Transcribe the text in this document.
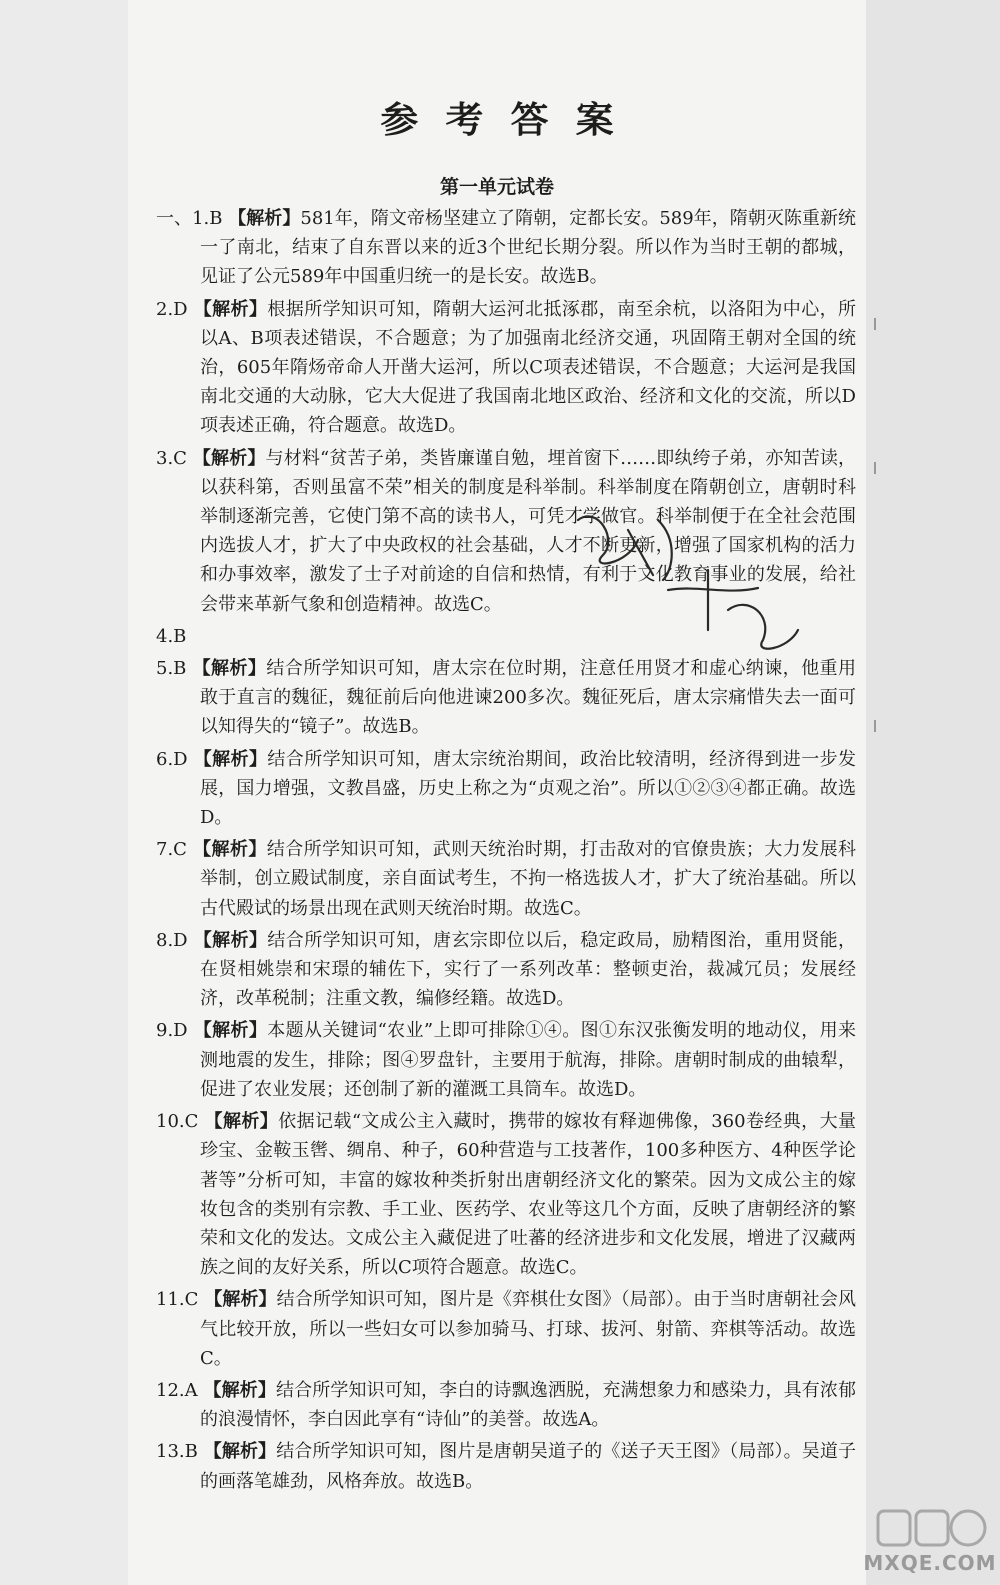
参考答案
第一单元试卷

一、1.B 【解析】581年，隋文帝杨坚建立了隋朝，定都长安。589年，隋朝灭陈重新统一了南北，结束了自东晋以来的近3个世纪长期分裂。所以作为当时王朝的都城，见证了公元589年中国重归统一的是长安。故选B。

2.D 【解析】根据所学知识可知，隋朝大运河北抵涿郡，南至余杭，以洛阳为中心，所以A、B项表述错误，不合题意；为了加强南北经济交通，巩固隋王朝对全国的统治，605年隋炀帝命人开凿大运河，所以C项表述错误，不合题意；大运河是我国南北交通的大动脉，它大大促进了我国南北地区政治、经济和文化的交流，所以D项表述正确，符合题意。故选D。

3.C 【解析】与材料“贫苦子弟，类皆廉谨自勉，埋首窗下……即纨绔子弟，亦知苦读，以获科第，否则虽富不荣”相关的制度是科举制。科举制度在隋朝创立，唐朝时科举制逐渐完善，它使门第不高的读书人，可凭才学做官。科举制便于在全社会范围内选拔人才，扩大了中央政权的社会基础，人才不断更新，增强了国家机构的活力和办事效率，激发了士子对前途的自信和热情，有利于文化教育事业的发展，给社会带来革新气象和创造精神。故选C。

4.B

5.B 【解析】结合所学知识可知，唐太宗在位时期，注意任用贤才和虚心纳谏，他重用敢于直言的魏征，魏征前后向他进谏200多次。魏征死后，唐太宗痛惜失去一面可以知得失的“镜子”。故选B。

6.D 【解析】结合所学知识可知，唐太宗统治期间，政治比较清明，经济得到进一步发展，国力增强，文教昌盛，历史上称之为“贞观之治”。所以①②③④都正确。故选D。

7.C 【解析】结合所学知识可知，武则天统治时期，打击敌对的官僚贵族；大力发展科举制，创立殿试制度，亲自面试考生，不拘一格选拔人才，扩大了统治基础。所以古代殿试的场景出现在武则天统治时期。故选C。

8.D 【解析】结合所学知识可知，唐玄宗即位以后，稳定政局，励精图治，重用贤能，在贤相姚崇和宋璟的辅佐下，实行了一系列改革：整顿吏治，裁减冗员；发展经济，改革税制；注重文教，编修经籍。故选D。

9.D 【解析】本题从关键词“农业”上即可排除①④。图①东汉张衡发明的地动仪，用来测地震的发生，排除；图④罗盘针，主要用于航海，排除。唐朝时制成的曲辕犁，促进了农业发展；还创制了新的灌溉工具筒车。故选D。

10.C 【解析】依据记载“文成公主入藏时，携带的嫁妆有释迦佛像，360卷经典，大量珍宝、金鞍玉辔、绸帛、种子，60种营造与工技著作，100多种医方、4种医学论著等”分析可知，丰富的嫁妆种类折射出唐朝经济文化的繁荣。因为文成公主的嫁妆包含的类别有宗教、手工业、医药学、农业等这几个方面，反映了唐朝经济的繁荣和文化的发达。文成公主入藏促进了吐蕃的经济进步和文化发展，增进了汉藏两族之间的友好关系，所以C项符合题意。故选C。

11.C 【解析】结合所学知识可知，图片是《弈棋仕女图》（局部）。由于当时唐朝社会风气比较开放，所以一些妇女可以参加骑马、打球、拔河、射箭、弈棋等活动。故选C。

12.A 【解析】结合所学知识可知，李白的诗飘逸洒脱，充满想象力和感染力，具有浓郁的浪漫情怀，李白因此享有“诗仙”的美誉。故选A。

13.B 【解析】结合所学知识可知，图片是唐朝吴道子的《送子天王图》（局部）。吴道子的画落笔雄劲，风格奔放。故选B。

MXQE.COM
